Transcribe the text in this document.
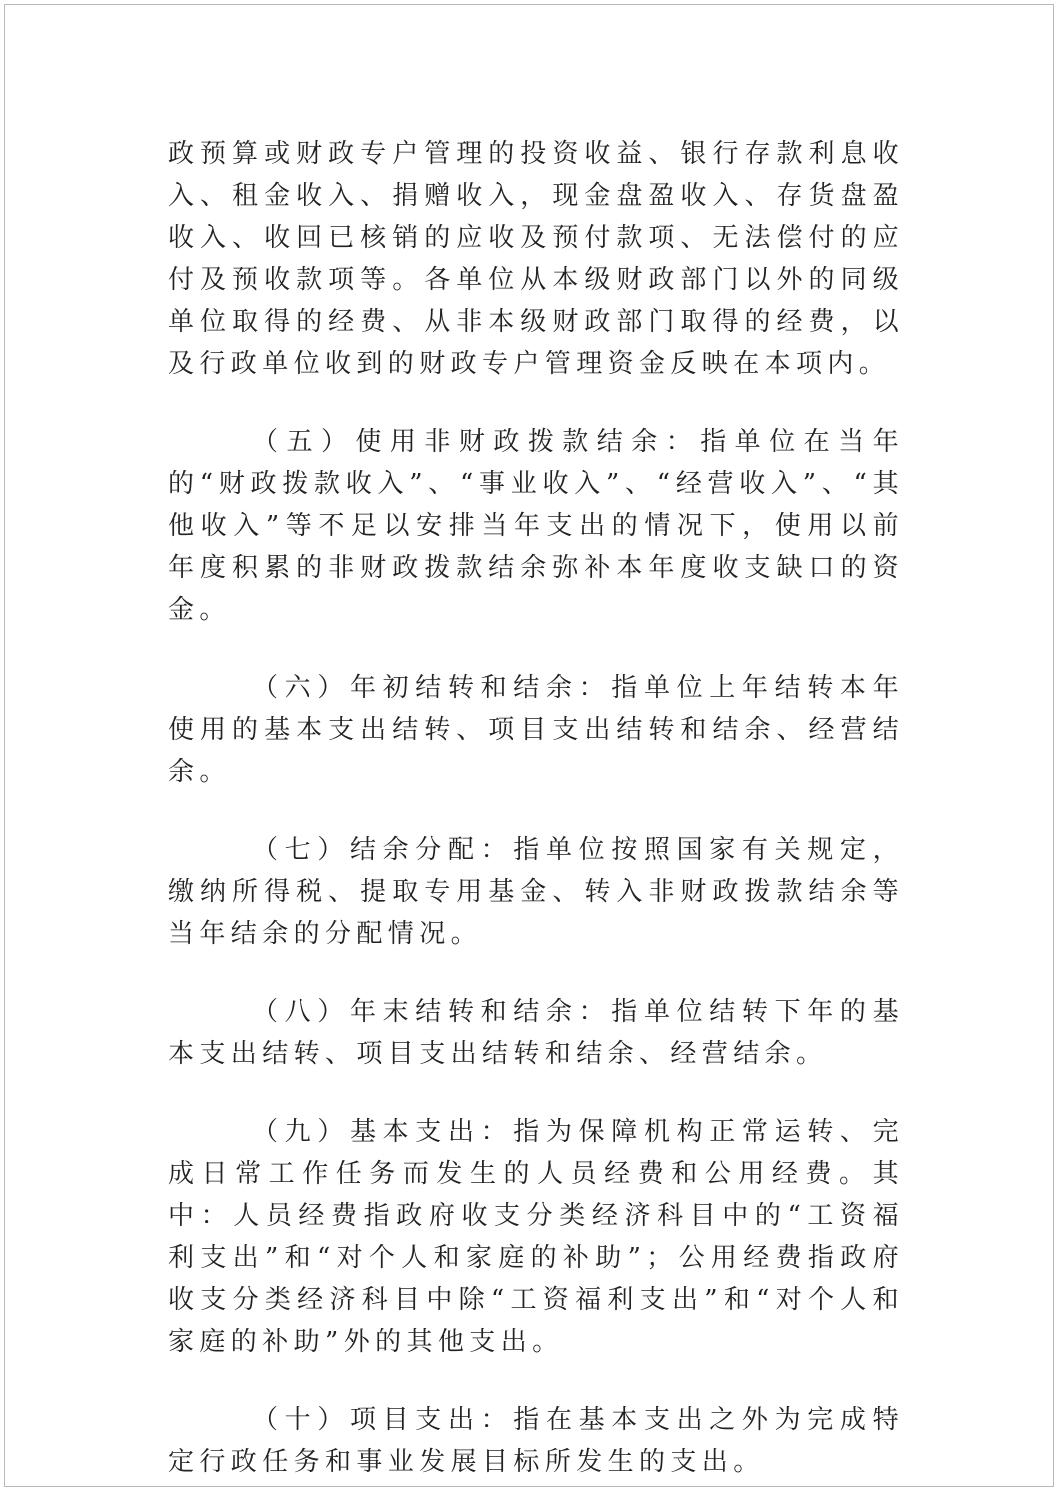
政预算或财政专户管理的投资收益、银行存款利息收入、租金收入、捐赠收入，现金盘盈收入、存货盘盈收入、收回已核销的应收及预付款项、无法偿付的应付及预收款项等。各单位从本级财政部门以外的同级单位取得的经费、从非本级财政部门取得的经费，以及行政单位收到的财政专户管理资金反映在本项内。

（五）使用非财政拨款结余：指单位在当年的“财政拨款收入”、“事业收入”、“经营收入”、“其他收入”等不足以安排当年支出的情况下，使用以前年度积累的非财政拨款结余弥补本年度收支缺口的资金。

（六）年初结转和结余：指单位上年结转本年使用的基本支出结转、项目支出结转和结余、经营结余。

（七）结余分配：指单位按照国家有关规定，缴纳所得税、提取专用基金、转入非财政拨款结余等当年结余的分配情况。

（八）年末结转和结余：指单位结转下年的基本支出结转、项目支出结转和结余、经营结余。

（九）基本支出：指为保障机构正常运转、完成日常工作任务而发生的人员经费和公用经费。其中：人员经费指政府收支分类经济科目中的“工资福利支出”和“对个人和家庭的补助”；公用经费指政府收支分类经济科目中除“工资福利支出”和“对个人和家庭的补助”外的其他支出。

（十）项目支出：指在基本支出之外为完成特定行政任务和事业发展目标所发生的支出。
